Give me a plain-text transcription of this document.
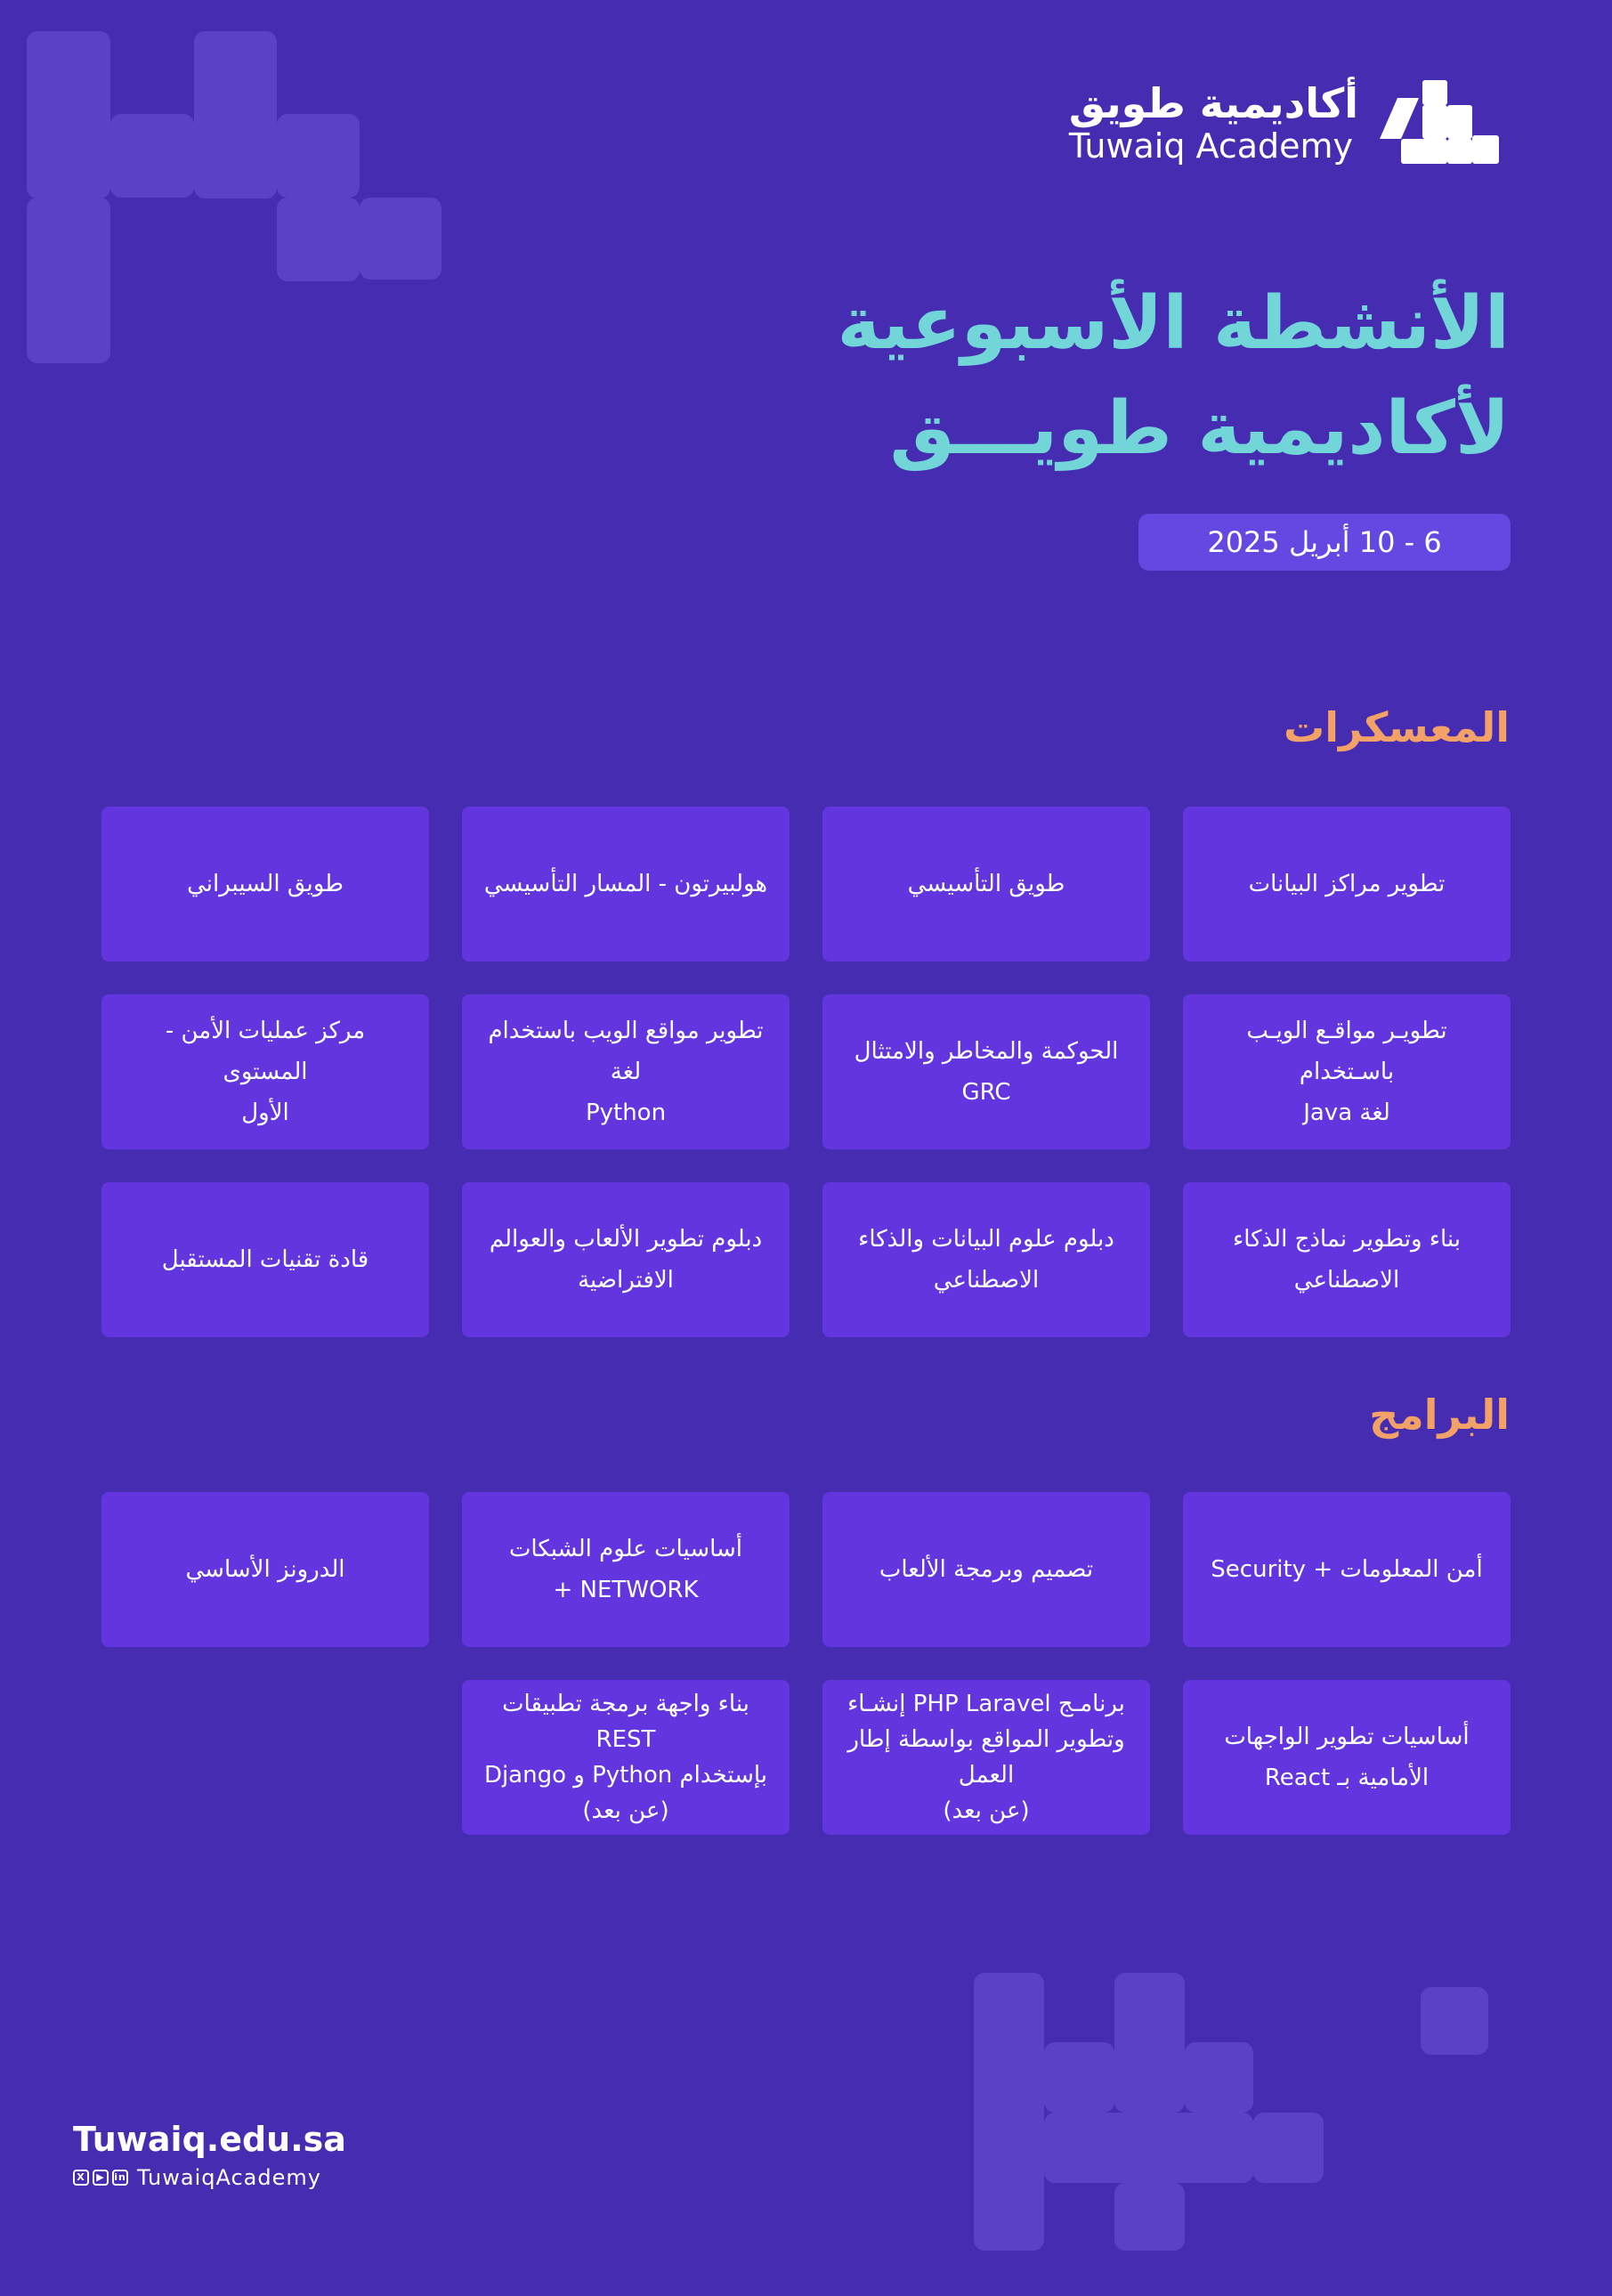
أكاديمية طويق
Tuwaiq Academy
الأنشطة الأسبوعية
لأكاديمية طويـــق
6 - 10 أبريل 2025
المعسكرات
تطوير مراكز البيانات
طويق التأسيسي
هولبيرتون - المسار التأسيسي
طويق السيبراني
تطويـر مواقـع الويـب باسـتخدام
لغة Java
الحوكمة والمخاطر والامتثال GRC
تطوير مواقع الويب باستخدام لغة
Python
مركز عمليات الأمن - المستوى
الأول
بناء وتطوير نماذج الذكاء
الاصطناعي
دبلوم علوم البيانات والذكاء
الاصطناعي
دبلوم تطوير الألعاب والعوالم
الافتراضية
قادة تقنيات المستقبل
البرامج
أمن المعلومات + Security
تصميم وبرمجة الألعاب
أساسيات علوم الشبكات
NETWORK +
الدرونز الأساسي
أساسيات تطوير الواجهات
الأمامية بـ React
برنامـج PHP Laravel إنشـاء
وتطوير المواقع بواسطة إطار العمل
(عن بعد)
بناء واجهة برمجة تطبيقات REST
بإستخدام Python و Django
(عن بعد)
Tuwaiq.edu.sa
X	▶ in TuwaiqAcademy
